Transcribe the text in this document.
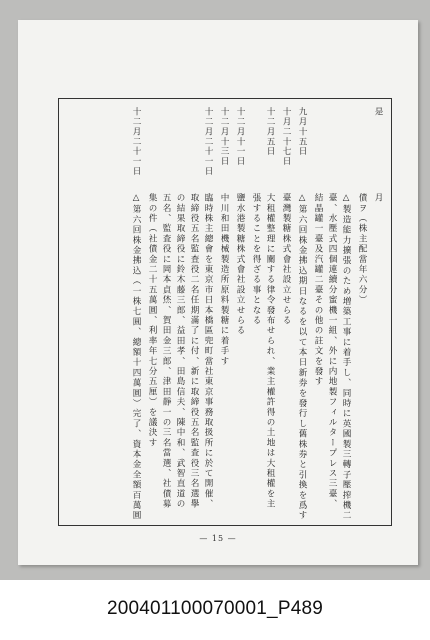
是
月
債ヲ（株主配當年六分）
△製造能力擴張のため増築工事に着手し、同時に英國製三轉子壓搾機二
臺、水壓式四個連續分蜜機一組、外に内地製フィルタープレス三臺、
結晶罐一臺及汽罐二臺その他の註文を發す
九月十五日
△第六回株金拂込期日なるを以て本日新券を發行し舊株券と引換を爲す
十月二十七日
臺灣製糖株式會社設立せらる
十二月五日
大租權整理に關する律令發布せられ、業主權許得の土地は大租權を主
張することを得ざる事となる
十二月十一日
鹽水港製糖株式會社設立せらる
十二月十三日
中川和田機械製造所原料製糖に着手す
十二月二十一日
臨時株主總會を東京市日本橋區兜町當社東京事務取扱所に於て開催、
取締役五名監査役二名任期滿了に付、新に取締役五名監査役三名選擧
の結果取締役に鈴木藤三郎、益田孝、田島信夫、陳中和、武智直道の
五名、監査役に岡本貞烋、賀田金三郎、津田靜一の三名當選、社債募
集の件（社債金二十五萬圓、利率年七分五厘）を議決す
十二月二十一日
△第六回株金拂込（一株七圓、總額十四萬圓）完了、資本金全額百萬圓
— 15 —
200401100070001_P489
